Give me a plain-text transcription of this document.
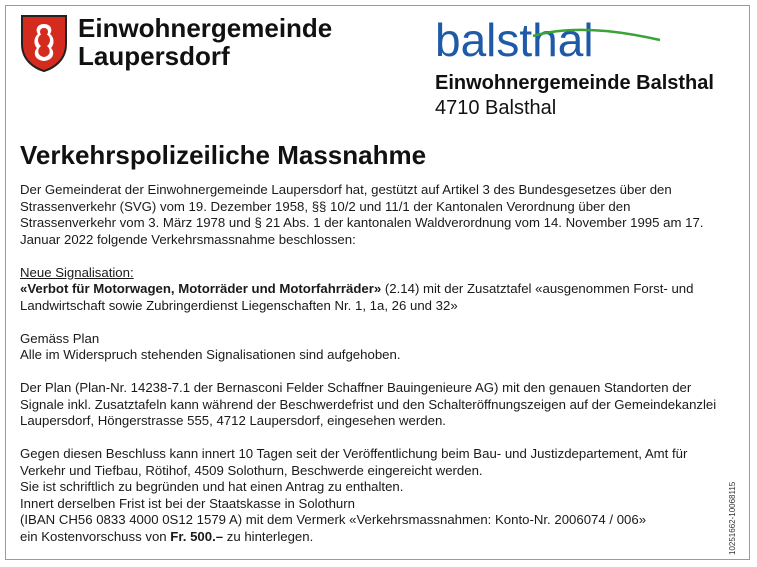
Einwohnergemeinde
Laupersdorf	balsthal
Einwohnergemeinde Balsthal
4710 Balsthal
Verkehrspolizeiliche Massnahme

Der Gemeinderat der Einwohnergemeinde Laupersdorf hat, gestützt auf Artikel 3 des Bundesgesetzes über den Strassenverkehr (SVG) vom 19. Dezember 1958, §§ 10/2 und 11/1 der Kantonalen Verordnung über den Strassenverkehr vom 3. März 1978 und § 21 Abs. 1 der kantonalen Waldverordnung vom 14. November 1995 am 17. Januar 2022 folgende Verkehrsmassnahme beschlossen:

Neue Signalisation:
«Verbot für Motorwagen, Motorräder und Motorfahrräder» (2.14) mit der Zusatztafel «ausgenommen Forst- und Landwirtschaft sowie Zubringerdienst Liegenschaften Nr. 1, 1a, 26 und 32»

Gemäss Plan
Alle im Widerspruch stehenden Signalisationen sind aufgehoben.

Der Plan (Plan-Nr. 14238-7.1 der Bernasconi Felder Schaffner Bauingenieure AG) mit den genauen Standorten der Signale inkl. Zusatztafeln kann während der Beschwerdefrist und den Schalteröffnungszeigen auf der Gemeindekanzlei Laupersdorf, Höngerstrasse 555, 4712 Laupersdorf, eingesehen werden.

Gegen diesen Beschluss kann innert 10 Tagen seit der Veröffentlichung beim Bau- und Justizdepartement, Amt für Verkehr und Tiefbau, Rötihof, 4509 Solothurn, Beschwerde eingereicht werden.
Sie ist schriftlich zu begründen und hat einen Antrag zu enthalten.
Innert derselben Frist ist bei der Staatskasse in Solothurn
(IBAN CH56 0833 4000 0S12 1579 A) mit dem Vermerk «Verkehrsmassnahmen: Konto-Nr. 2006074 / 006»
ein Kostenvorschuss von Fr. 500.– zu hinterlegen.	10251662-10068115
